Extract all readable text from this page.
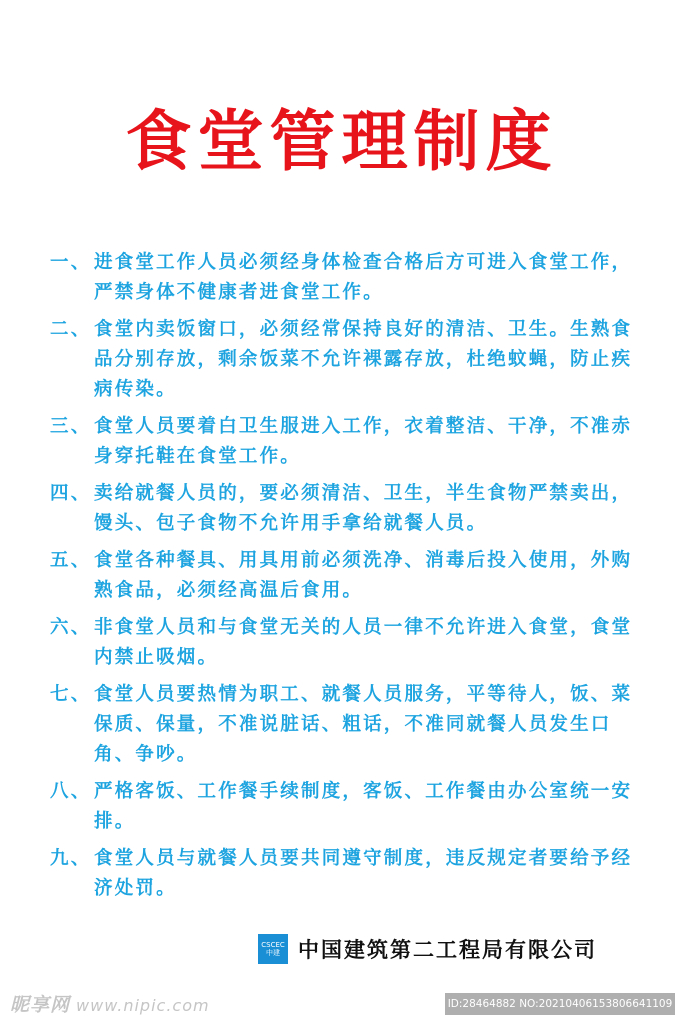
食堂管理制度
一、 进食堂工作人员必须经身体检查合格后方可进入食堂工作，严禁身体不健康者进食堂工作。
二、 食堂内卖饭窗口，必须经常保持良好的清洁、卫生。生熟食品分别存放，剩余饭菜不允许裸露存放，杜绝蚊蝇，防止疾病传染。
三、 食堂人员要着白卫生服进入工作，衣着整洁、干净，不准赤身穿托鞋在食堂工作。
四、 卖给就餐人员的，要必须清洁、卫生，半生食物严禁卖出，馒头、包子食物不允许用手拿给就餐人员。
五、 食堂各种餐具、用具用前必须洗净、消毒后投入使用，外购熟食品，必须经高温后食用。
六、 非食堂人员和与食堂无关的人员一律不允许进入食堂，食堂内禁止吸烟。
七、 食堂人员要热情为职工、就餐人员服务，平等待人，饭、菜保质、保量，不准说脏话、粗话，不准同就餐人员发生口角、争吵。
八、 严格客饭、工作餐手续制度，客饭、工作餐由办公室统一安排。
九、 食堂人员与就餐人员要共同遵守制度，违反规定者要给予经济处罚。
CSCEC
中建 中国建筑第二工程局有限公司
昵享网 www.nipic.com	ID:28464882 NO:20210406153806641109
